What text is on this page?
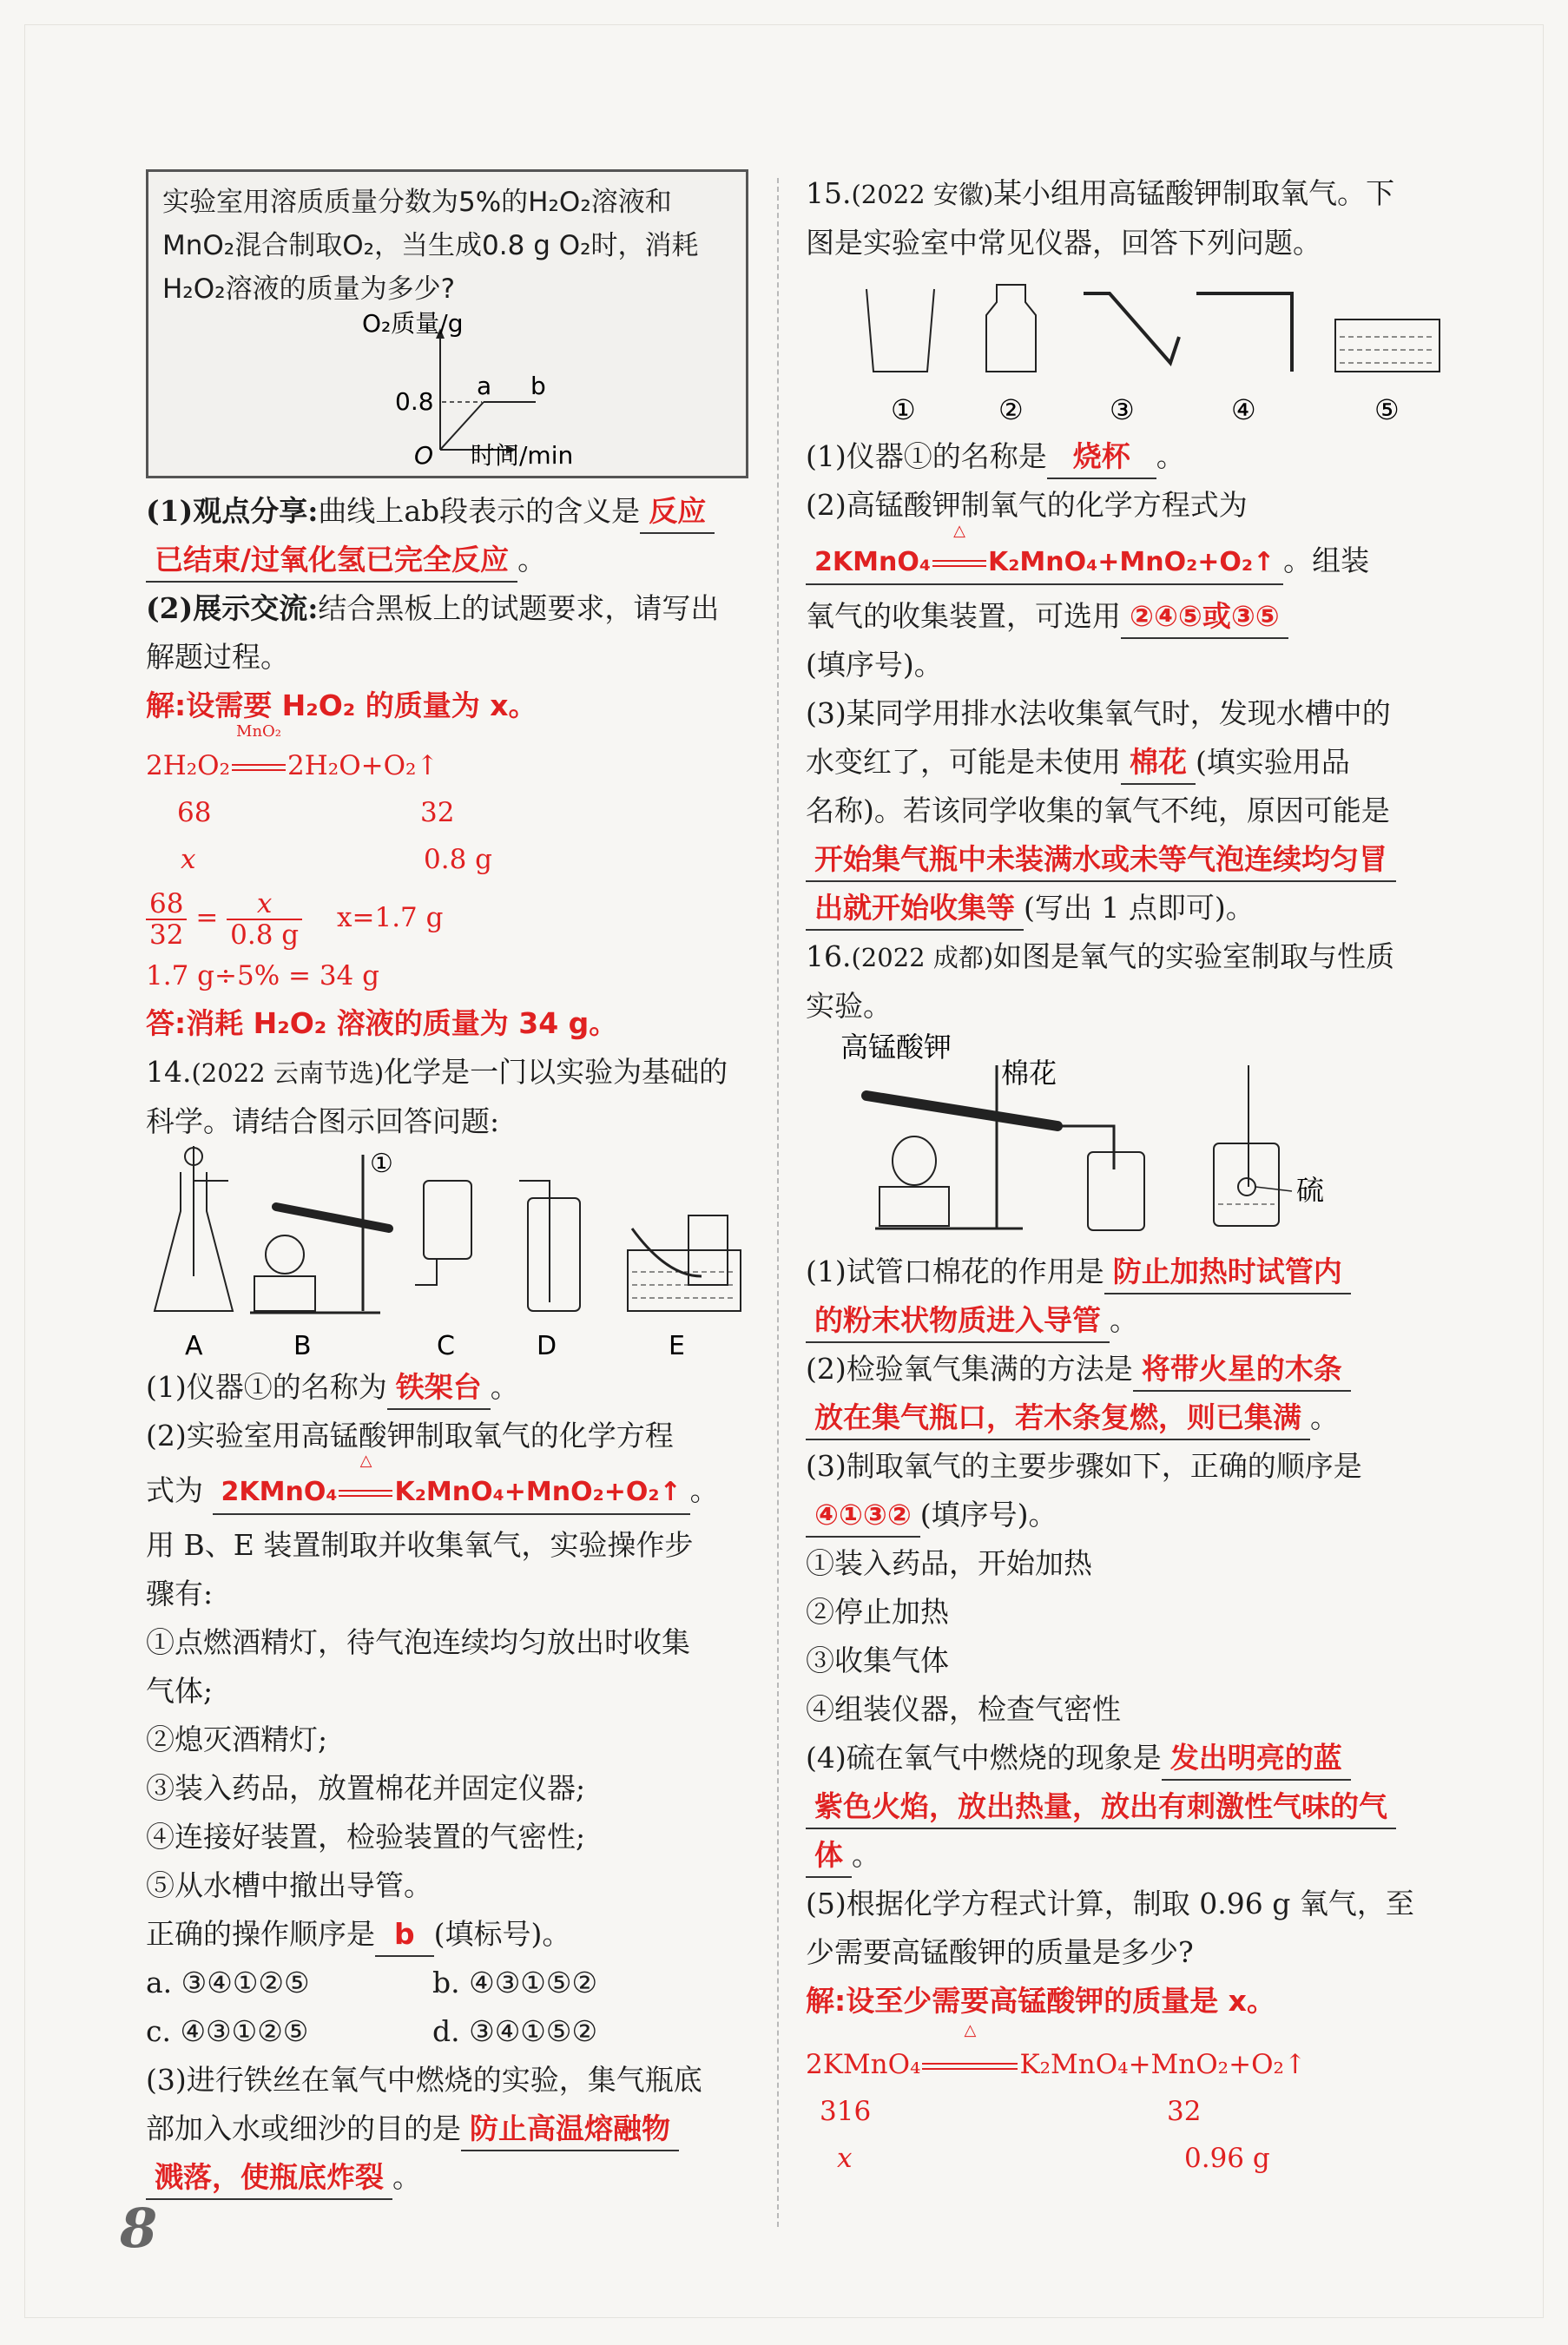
实验室用溶质质量分数为5%的H₂O₂溶液和
MnO₂混合制取O₂，当生成0.8 g O₂时，消耗
H₂O₂溶液的质量为多少?
O₂质量/g
0.8
O
a b
时间/min
(1)观点分享:曲线上ab段表示的含义是 反应
已结束/过氧化氢已完全反应 。
(2)展示交流:结合黑板上的试题要求，请写出
解题过程。
解:设需要 H₂O₂ 的质量为 x。
2H₂O₂
MnO₂
2H₂O+O₂↑
68	32
x	0.8 g
$\frac{68}{32} = \frac{x}{0.8 g} x=1.7$ g
1.7 g÷5% = 34 g
答:消耗 H₂O₂ 溶液的质量为 34 g。
14.(2022 云南节选)化学是一门以实验为基础的
科学。请结合图示回答问题:
①
A	B	C	D	E
(1)仪器①的名称为 铁架台 。
(2)实验室用高锰酸钾制取氧气的化学方程
式为 2KMnO₄
△
K₂MnO₄+MnO₂+O₂↑ 。
用 B、E 装置制取并收集氧气，实验操作步
骤有:
①点燃酒精灯，待气泡连续均匀放出时收集
气体;
②熄灭酒精灯;
③装入药品，放置棉花并固定仪器;
④连接好装置，检验装置的气密性;
⑤从水槽中撤出导管。
正确的操作顺序是 b (填标号)。
a. ③④①②⑤	b. ④③①⑤②
c. ④③①②⑤	d. ③④①⑤②
(3)进行铁丝在氧气中燃烧的实验，集气瓶底
部加入水或细沙的目的是 防止高温熔融物
溅落，使瓶底炸裂 。
15.(2022 安徽)某小组用高锰酸钾制取氧气。下
图是实验室中常见仪器，回答下列问题。
①	②	③	④	⑤
(1)仪器①的名称是 烧杯 。
(2)高锰酸钾制氧气的化学方程式为
2KMnO₄
△
K₂MnO₄+MnO₂+O₂↑ 。组装
氧气的收集装置，可选用 ②④⑤或③⑤
(填序号)。
(3)某同学用排水法收集氧气时，发现水槽中的
水变红了，可能是未使用 棉花 (填实验用品
名称)。若该同学收集的氧气不纯，原因可能是
开始集气瓶中未装满水或未等气泡连续均匀冒
出就开始收集等 (写出 1 点即可)。
16.(2022 成都)如图是氧气的实验室制取与性质
实验。
高锰酸钾
棉花
硫
(1)试管口棉花的作用是 防止加热时试管内
的粉末状物质进入导管 。
(2)检验氧气集满的方法是 将带火星的木条
放在集气瓶口，若木条复燃，则已集满 。
(3)制取氧气的主要步骤如下，正确的顺序是
④①③② (填序号)。
①装入药品，开始加热
②停止加热
③收集气体
④组装仪器，检查气密性
(4)硫在氧气中燃烧的现象是 发出明亮的蓝
紫色火焰，放出热量，放出有刺激性气味的气
体 。
(5)根据化学方程式计算，制取 0.96 g 氧气，至
少需要高锰酸钾的质量是多少?
解:设至少需要高锰酸钾的质量是 x。
2KMnO₄
△
K₂MnO₄+MnO₂+O₂↑
316	32
x	0.96 g
8
